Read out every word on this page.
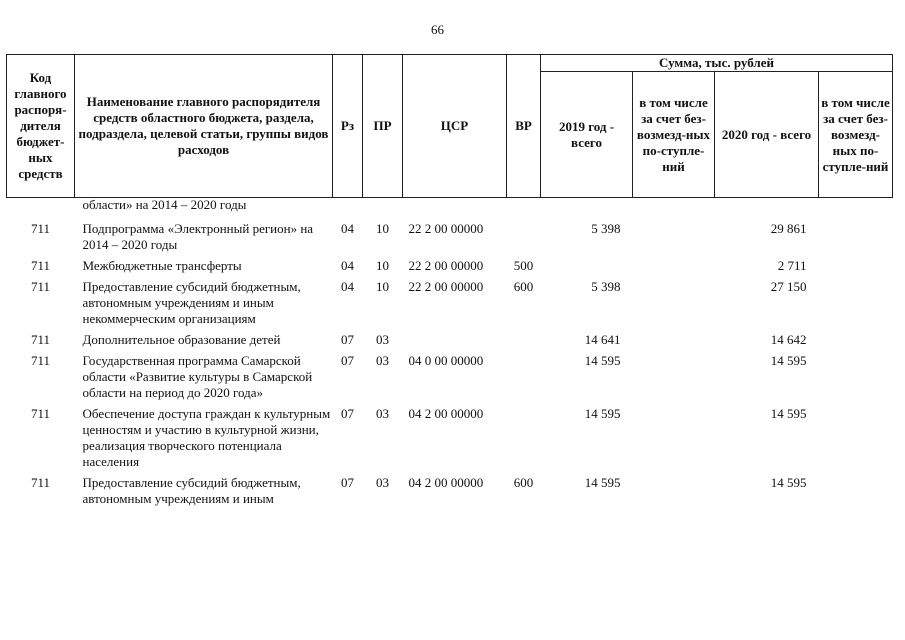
66
Код главного распоря-дителя бюджет-ных средств	Наименование главного распорядителя средств областного бюджета, раздела, подраздела, целевой статьи, группы видов расходов	Рз	ПР	ЦСР	ВР	Сумма, тыс. рублей			
						2019 год - всего	в том числе за счет без-возмезд-ных по-ступле-ний	2020 год - всего	в том числе за счет без-возмезд-ных по-ступле-ний
	области» на 2014 – 2020 годы								
711	Подпрограмма «Электронный регион» на 2014 – 2020 годы	04	10	22 2 00 00000		5 398		29 861	
711	Межбюджетные трансферты	04	10	22 2 00 00000	500			2 711	
711	Предоставление субсидий бюджетным, автономным учреждениям и иным некоммерческим организациям	04	10	22 2 00 00000	600	5 398		27 150	
711	Дополнительное образование детей	07	03			14 641		14 642	
711	Государственная программа Самарской области «Развитие культуры в Самарской области на период до 2020 года»	07	03	04 0 00 00000		14 595		14 595	
711	Обеспечение доступа граждан к культурным ценностям и участию в культурной жизни, реализация творческого потенциала населения	07	03	04 2 00 00000		14 595		14 595	
711	Предоставление субсидий бюджетным, автономным учреждениям и иным	07	03	04 2 00 00000	600	14 595		14 595	
